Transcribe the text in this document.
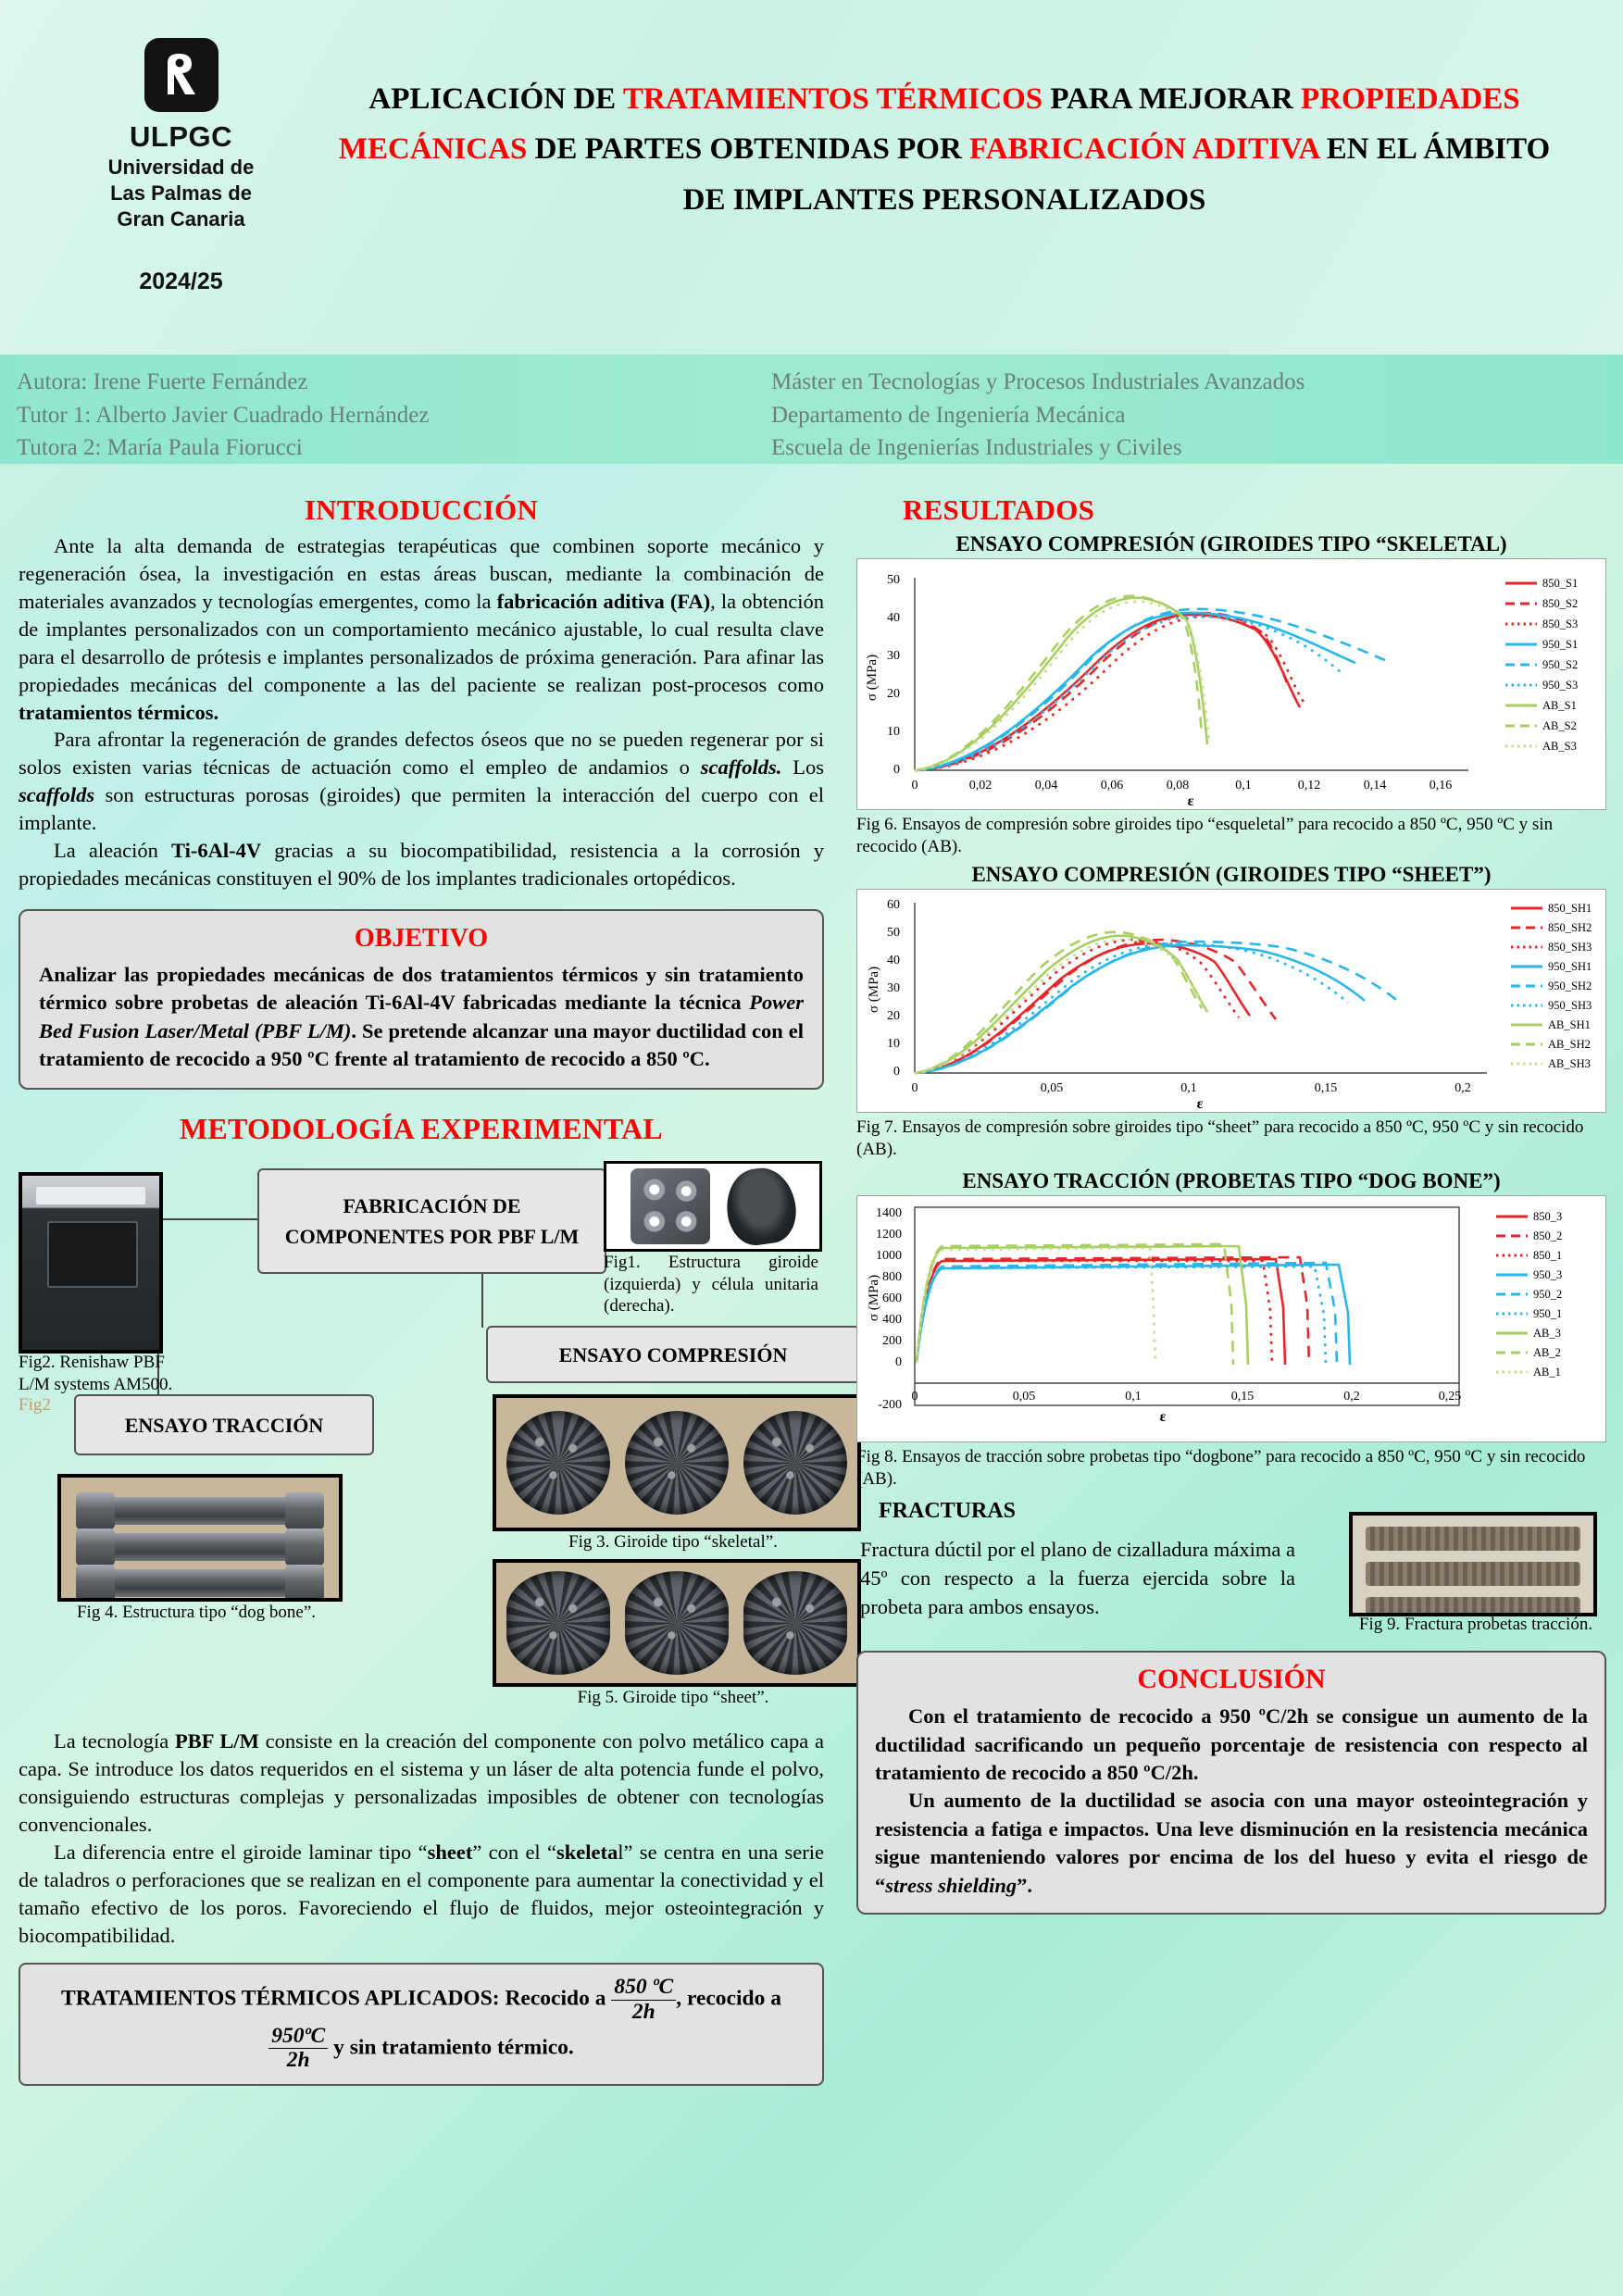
ULPGC
Universidad de
Las Palmas de
Gran Canaria
2024/25
APLICACIÓN DE TRATAMIENTOS TÉRMICOS PARA MEJORAR PROPIEDADES MECÁNICAS DE PARTES OBTENIDAS POR FABRICACIÓN ADITIVA EN EL ÁMBITO DE IMPLANTES PERSONALIZADOS
Autora: Irene Fuerte Fernández
Tutor 1: Alberto Javier Cuadrado Hernández
Tutora 2: María Paula Fiorucci
Máster en Tecnologías y Procesos Industriales Avanzados
Departamento de Ingeniería Mecánica
Escuela de Ingenierías Industriales y Civiles
INTRODUCCIÓN

Ante la alta demanda de estrategias terapéuticas que combinen soporte mecánico y regeneración ósea, la investigación en estas áreas buscan, mediante la combinación de materiales avanzados y tecnologías emergentes, como la fabricación aditiva (FA), la obtención de implantes personalizados con un comportamiento mecánico ajustable, lo cual resulta clave para el desarrollo de prótesis e implantes personalizados de próxima generación. Para afinar las propiedades mecánicas del componente a las del paciente se realizan post-procesos como tratamientos térmicos.

Para afrontar la regeneración de grandes defectos óseos que no se pueden regenerar por si solos existen varias técnicas de actuación como el empleo de andamios o scaffolds. Los scaffolds son estructuras porosas (giroides) que permiten la interacción del cuerpo con el implante.

La aleación Ti-6Al-4V gracias a su biocompatibilidad, resistencia a la corrosión y propiedades mecánicas constituyen el 90% de los implantes tradicionales ortopédicos.

OBJETIVO

Analizar las propiedades mecánicas de dos tratamientos térmicos y sin tratamiento térmico sobre probetas de aleación Ti-6Al-4V fabricadas mediante la técnica Power Bed Fusion Laser/Metal (PBF L/M). Se pretende alcanzar una mayor ductilidad con el tratamiento de recocido a 950 ºC frente al tratamiento de recocido a 850 ºC.

METODOLOGÍA EXPERIMENTAL
Fig2. Renishaw PBF L/M systems AM500.
Fig2
FABRICACIÓN DE COMPONENTES POR PBF L/M
Fig1. Estructura giroide (izquierda) y célula unitaria (derecha).
ENSAYO COMPRESIÓN
ENSAYO TRACCIÓN
Fig 3. Giroide tipo “skeletal”.
Fig 4. Estructura tipo “dog bone”.
Fig 5. Giroide tipo “sheet”.

La tecnología PBF L/M consiste en la creación del componente con polvo metálico capa a capa. Se introduce los datos requeridos en el sistema y un láser de alta potencia funde el polvo, consiguiendo estructuras complejas y personalizadas imposibles de obtener con tecnologías convencionales.

La diferencia entre el giroide laminar tipo “sheet” con el “skeletal” se centra en una serie de taladros o perforaciones que se realizan en el componente para aumentar la conectividad y el tamaño efectivo de los poros. Favoreciendo el flujo de fluidos, mejor osteointegración y biocompatibilidad.

TRATAMIENTOS TÉRMICOS APLICADOS: Recocido a $\frac{\text{850 ºC}}{2h}$ , recocido a
$\frac{\text{950ºC}}{2h}$ y sin tratamiento térmico.
RESULTADOS
ENSAYO COMPRESIÓN (GIROIDES TIPO “SKELETAL)
50
40
30
20
10
0
0	0,02	0,04	0,06	0,08	0,1	0,12	0,14	0,16
σ (MPa)
ε
850_S1
850_S2
850_S3
950_S1
950_S2
950_S3
AB_S1
AB_S2
AB_S3

Fig 6. Ensayos de compresión sobre giroides tipo “esqueletal” para recocido a 850 ºC, 950 ºC y sin recocido (AB).

ENSAYO COMPRESIÓN (GIROIDES TIPO “SHEET”)
60
50
40
30
20
10
0
0	0,05	0,1	0,15	0,2
σ (MPa)
ε
850_SH1
850_SH2
850_SH3
950_SH1
950_SH2
950_SH3
AB_SH1
AB_SH2
AB_SH3

Fig 7. Ensayos de compresión sobre giroides tipo “sheet” para recocido a 850 ºC, 950 ºC y sin recocido (AB).

ENSAYO TRACCIÓN (PROBETAS TIPO “DOG BONE”)
1400
1200
1000
800
600
400
200
0
-200
0	0,05	0,1	0,15	0,2	0,25
σ (MPa)
ε
850_3
850_2
850_1
950_3
950_2
950_1
AB_3
AB_2
AB_1

Fig 8. Ensayos de tracción sobre probetas tipo “dogbone” para recocido a 850 ºC, 950 ºC y sin recocido (AB).

FRACTURAS
Fractura dúctil por el plano de cizalladura máxima a 45º con respecto a la fuerza ejercida sobre la probeta para ambos ensayos.
Fig 9. Fractura probetas tracción.
CONCLUSIÓN

Con el tratamiento de recocido a 950 ºC/2h se consigue un aumento de la ductilidad sacrificando un pequeño porcentaje de resistencia con respecto al tratamiento de recocido a 850 ºC/2h.

Un aumento de la ductilidad se asocia con una mayor osteointegración y resistencia a fatiga e impactos. Una leve disminución en la resistencia mecánica sigue manteniendo valores por encima de los del hueso y evita el riesgo de “stress shielding”.
